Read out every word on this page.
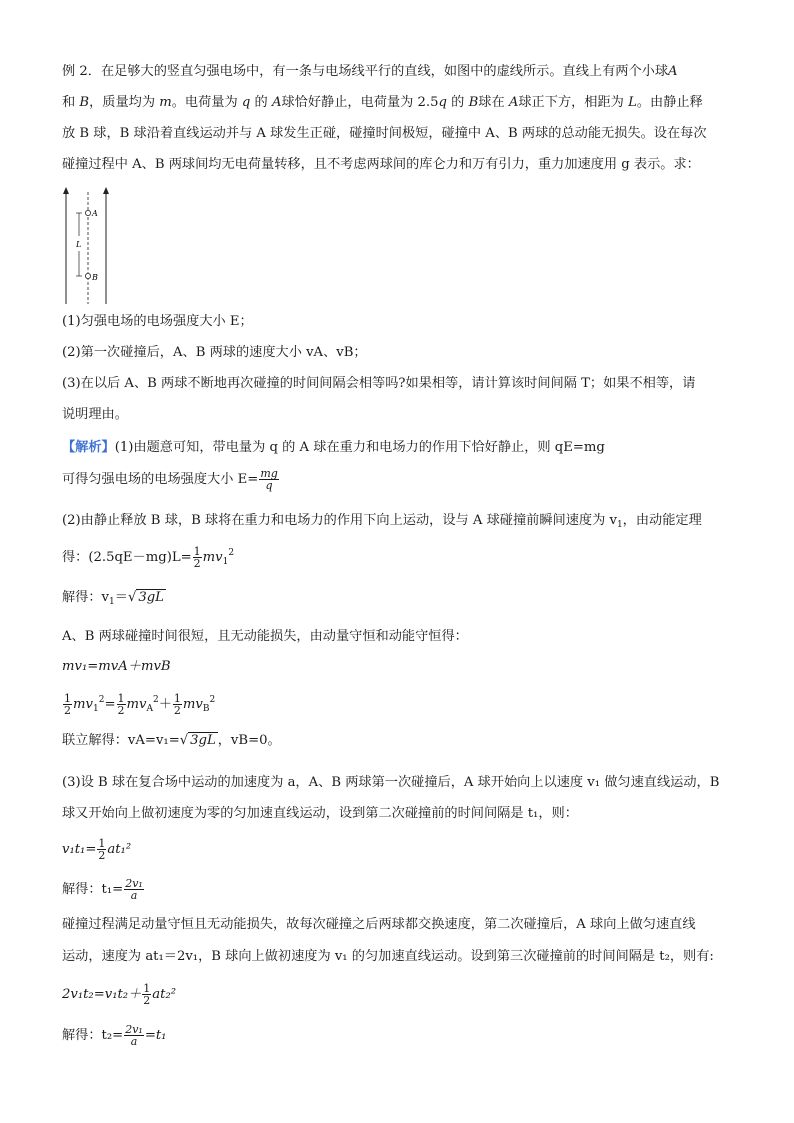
例 2．在足够大的竖直匀强电场中，有一条与电场线平行的直线，如图中的虚线所示。直线上有两个小球A
和 B，质量均为 m。电荷量为 q 的 A球恰好静止，电荷量为 2.5q 的 B球在 A球正下方，相距为 L。由静止释
放 B 球，B 球沿着直线运动并与 A 球发生正碰，碰撞时间极短，碰撞中 A、B 两球的总动能无损失。设在每次
碰撞过程中 A、B 两球间均无电荷量转移，且不考虑两球间的库仑力和万有引力，重力加速度用 g 表示。求：
A
B
L
(1)匀强电场的电场强度大小 E；
(2)第一次碰撞后，A、B 两球的速度大小 vA、vB；
(3)在以后 A、B 两球不断地再次碰撞的时间间隔会相等吗?如果相等，请计算该时间间隔 T；如果不相等，请
说明理由。
【解析】(1)由题意可知，带电量为 q 的 A 球在重力和电场力的作用下恰好静止，则 qE=mg
可得匀强电场的电场强度大小 $E= \frac{mg}{q}$
(2)由静止释放 B 球，B 球将在重力和电场力的作用下向上运动，设与 A 球碰撞前瞬间速度为 $v_1$，由动能定理
得：$(2.5qE-mg)L= \frac{1}{2} mv_1^2$
解得：$v_1=√$ 3gL
A、B 两球碰撞时间很短，且无动能损失，由动量守恒和动能守恒得：
mv₁=mvA＋mvB
$\frac{1}{2} mv_1^2= \frac{1}{2} mv_A^2+ \frac{1}{2} mv_B^2$
联立解得：vA=v₁=√ 3gL ，vB=0。
(3)设 B 球在复合场中运动的加速度为 a，A、B 两球第一次碰撞后，A 球开始向上以速度 v₁ 做匀速直线运动，B
球又开始向上做初速度为零的匀加速直线运动，设到第二次碰撞前的时间间隔是 t₁，则：
$v_1t_1= \frac{1}{2} at_1^2$
解得：$t_1= \frac{\text{2v₁}}{a}$
碰撞过程满足动量守恒且无动能损失，故每次碰撞之后两球都交换速度，第二次碰撞后，A 球向上做匀速直线
运动，速度为 at₁＝2v₁，B 球向上做初速度为 v₁ 的匀加速直线运动。设到第三次碰撞前的时间间隔是 t₂，则有:
$2v_1t_2=v_1t_2+ \frac{1}{2} at_2^2$
解得：$t_2= \frac{\text{2v₁}}{a} =t_1$
